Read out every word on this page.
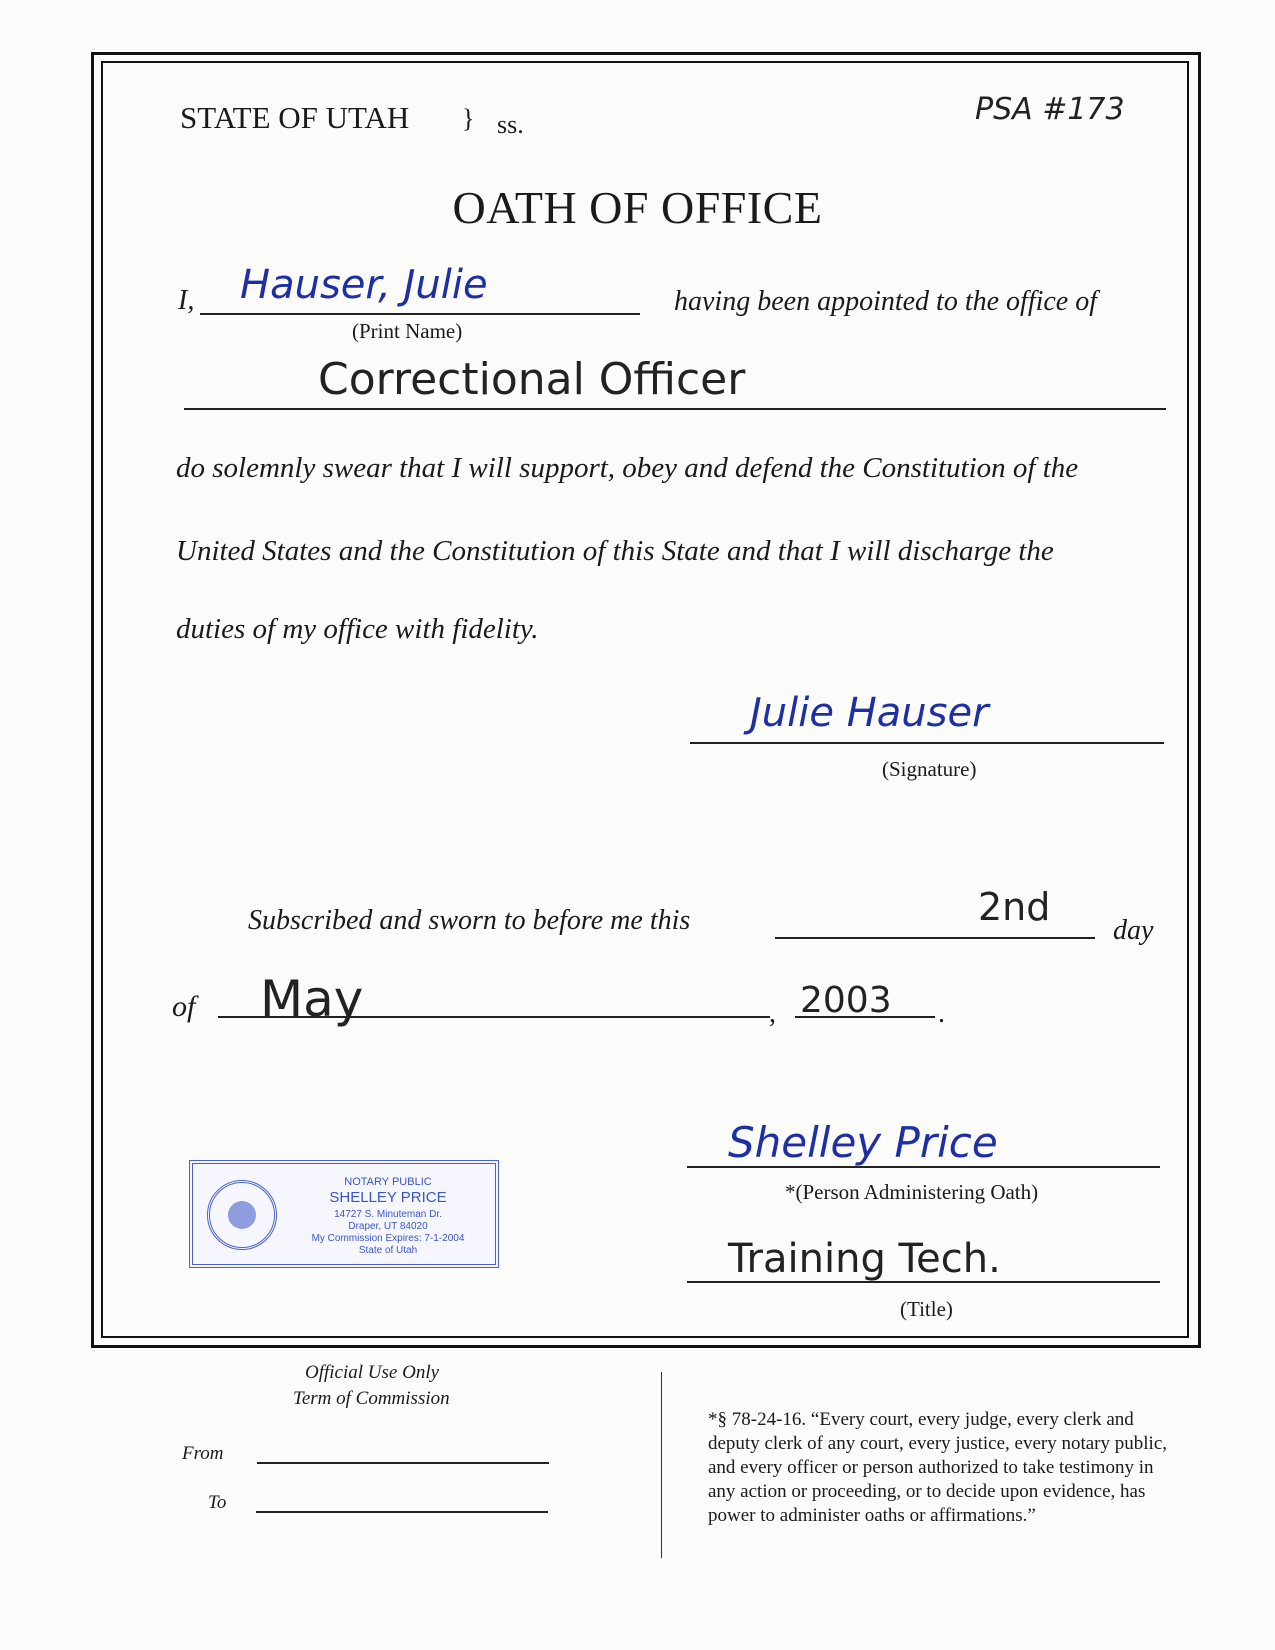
STATE OF UTAH } ss.	PSA #173
OATH OF OFFICE
I, Hauser, Julie
(Print Name)
having been appointed to the office of
Correctional Officer
do solemnly swear that I will support, obey and defend the Constitution of the
United States and the Constitution of this State and that I will discharge the
duties of my office with fidelity.
Julie Hauser
(Signature)
Subscribed and sworn to before me this	2nd
day
of May	, 2003 .
Shelley Price
*(Person Administering Oath)
Training Tech.
(Title)
NOTARY PUBLIC
SHELLEY PRICE
14727 S. Minuteman Dr.
Draper, UT 84020
My Commission Expires: 7-1-2004
State of Utah
Official Use Only
Term of Commission
From
To
*§ 78-24-16. “Every court, every judge, every clerk and
deputy clerk of any court, every justice, every notary public,
and every officer or person authorized to take testimony in
any action or proceeding, or to decide upon evidence, has
power to administer oaths or affirmations.”
